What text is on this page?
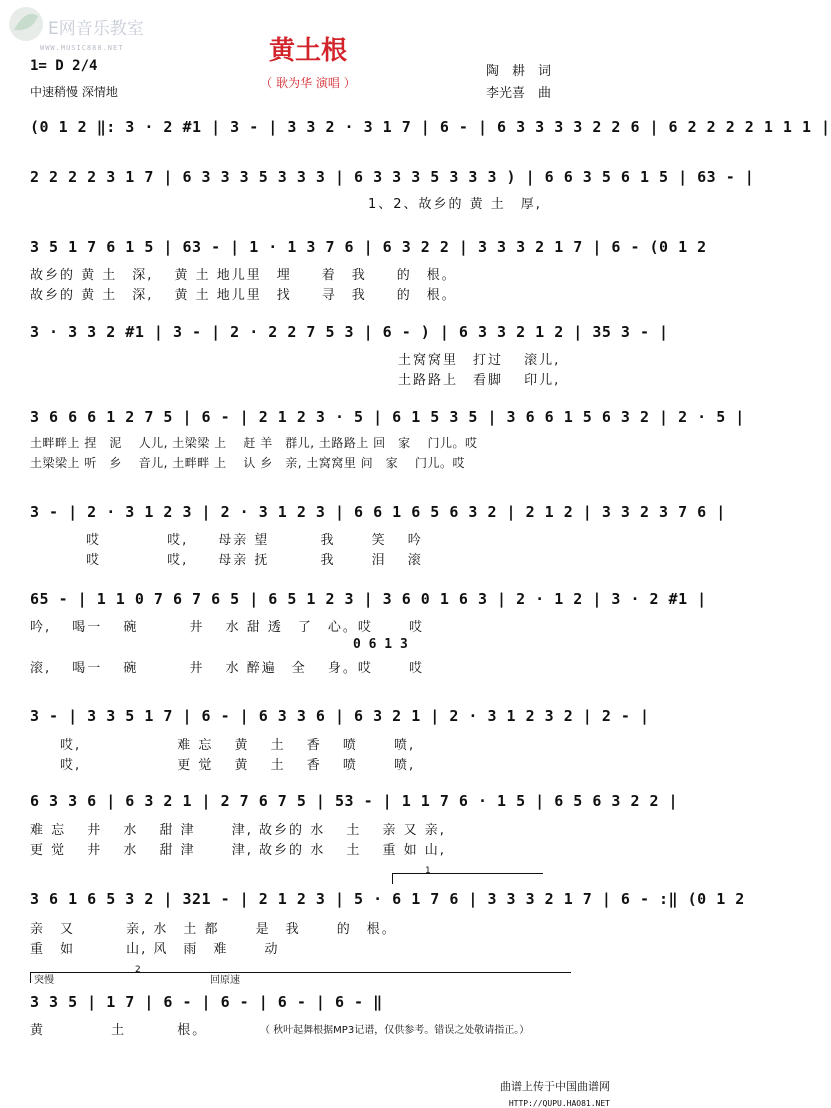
E网音乐教室
WWW.MUSIC888.NET	黄土根
（ 耿为华 演唱 ）
陶　耕　词
李光喜　曲
1= D 2/4
中速稍慢 深情地
(0 1 2 ‖: 3 · 2 #1 | 3 - | 3 3 2 · 3 1 7 | 6 - | 6 3 3 3 3 2 2 6 | 6 2 2 2 2 1 1 1 |
2 2 2 2 3 1 7 | 6 3 3 3 5 3 3 3 | 6 3 3 3 5 3 3 3 ) | 6 6 3 5 6 1 5 | 63 - |
1、2、故乡的 黄 土　厚,
3 5 1 7 6 1 5 | 63 - | 1 · 1 3 7 6 | 6 3 2 2 | 3 3 3 2 1 7 | 6 - (0 1 2
故乡的 黄 土　深,　 黄 土 地儿里　埋　　着　我　　的　根。
故乡的 黄 土　深,　 黄 土 地儿里　找　　寻　我　　的　根。
3 · 3 3 2 #1 | 3 - | 2 · 2 2 7 5 3 | 6 - ) | 6 3 3 2 1 2 | 35 3 - |
土窝窝里　打过　 滚儿,
土路路上　看脚　 印儿,
3 6 6 6 1 2 7 5 | 6 - | 2 1 2 3 · 5 | 6 1 5 3 5 | 3 6 6 1 5 6 3 2 | 2 · 5 |
土畔畔上 捏　泥　 人儿, 土梁梁 上　 赶 羊　群儿, 土路路上 回　家　 门儿。哎
土梁梁上 听　乡　 音儿, 土畔畔 上　 认 乡　亲, 土窝窝里 问　家　 门儿。哎
3 - | 2 · 3 1 2 3 | 2 · 3 1 2 3 | 6 6 1 6 5 6 3 2 | 2 1 2 | 3 3 2 3 7 6 |
哎　　　　 哎,　　母亲 望　　　 我　　 笑　 吟
哎　　　　 哎,　　母亲 抚　　　 我　　 泪　 滚
65 - | 1 1 0 7 6 7 6 5 | 6 5 1 2 3 | 3 6 0 1 6 3 | 2 · 1 2 | 3 · 2 #1 |
吟,　 喝一　 碗　　　 井　 水 甜 透　了　心。哎　　 哎
0 6 1 3
滚,　 喝一　 碗　　　 井　 水 醉遍　全　 身。哎　　 哎
3 - | 3 3 5 1 7 | 6 - | 6 3 3 6 | 6 3 2 1 | 2 · 3 1 2 3 2 | 2 - |
哎,　　　　　　 难 忘　 黄　 土　 香　 喷　　 喷,
哎,　　　　　　 更 觉　 黄　 土　 香　 喷　　 喷,
6 3 3 6 | 6 3 2 1 | 2 7 6 7 5 | 53 - | 1 1 7 6 · 1 5 | 6 5 6 3 2 2 |
难 忘　 井　 水　 甜 津　　 津, 故乡的 水　 土　 亲 又 亲,
更 觉　 井　 水　 甜 津　　 津, 故乡的 水　 土　 重 如 山,
1
3 6 1 6 5 3 2 | 321 - | 2 1 2 3 | 5 · 6 1 7 6 | 3 3 3 2 1 7 | 6 - :‖ (0 1 2
亲　又　　　 亲, 水　土 都　　 是　我　　 的　根。
重　如　　　 山, 风　雨　难　　 动
2
突慢	回原速
3 3 5 | 1 7 | 6 - | 6 - | 6 - | 6 - ‖
黄　　　　 土　　　 根。	（ 秋叶起舞根据MP3记谱，仅供参考。错误之处敬请指正。）
曲谱上传于中国曲谱网
HTTP://QUPU.HAO81.NET
